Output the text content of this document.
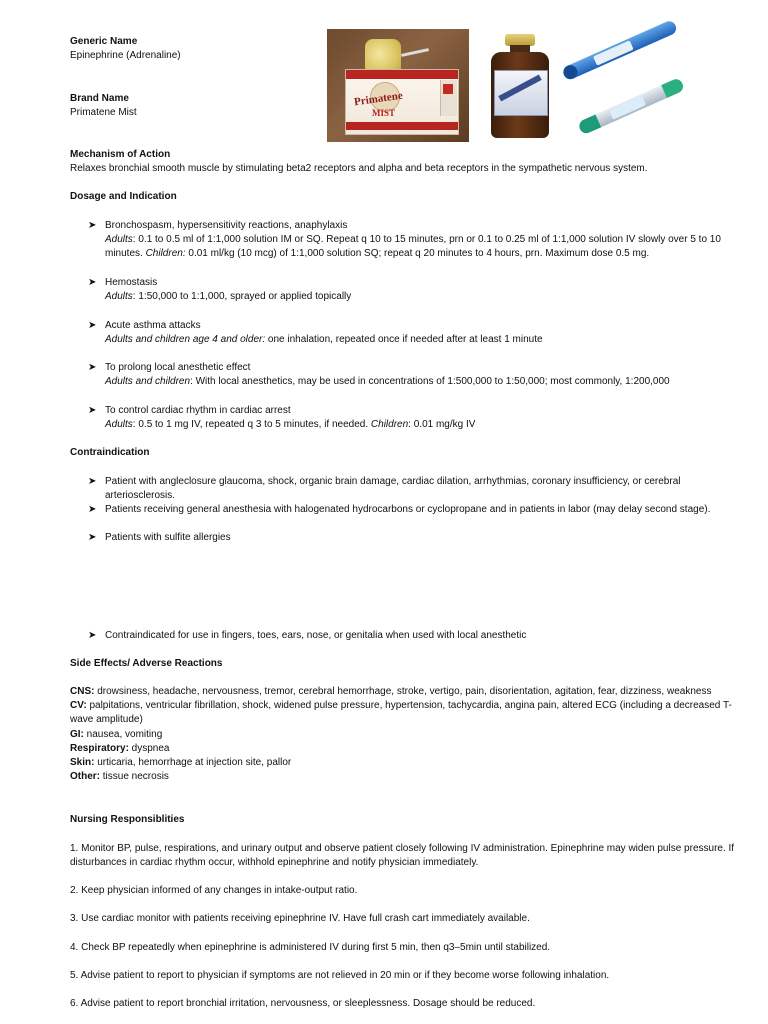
Generic Name
Epinephrine (Adrenaline)
Brand Name
Primatene Mist
Primatene
MIST
Mechanism of Action
Relaxes bronchial smooth muscle by stimulating beta2 receptors and alpha and beta receptors in the sympathetic nervous system.
Dosage and Indication
➤ Bronchospasm, hypersensitivity reactions, anaphylaxis
Adults: 0.1 to 0.5 ml of 1:1,000 solution IM or SQ. Repeat q 10 to 15 minutes, prn or 0.1 to 0.25 ml of 1:1,000 solution IV slowly over 5 to 10 minutes. Children: 0.01 ml/kg (10 mcg) of 1:1,000 solution SQ; repeat q 20 minutes to 4 hours, prn. Maximum dose 0.5 mg.
➤ Hemostasis
Adults: 1:50,000 to 1:1,000, sprayed or applied topically
➤ Acute asthma attacks
Adults and children age 4 and older: one inhalation, repeated once if needed after at least 1 minute
➤ To prolong local anesthetic effect
Adults and children: With local anesthetics, may be used in concentrations of 1:500,000 to 1:50,000; most commonly, 1:200,000
➤ To control cardiac rhythm in cardiac arrest
Adults: 0.5 to 1 mg IV, repeated q 3 to 5 minutes, if needed. Children: 0.01 mg/kg IV
Contraindication
➤ Patient with angleclosure glaucoma, shock, organic brain damage, cardiac dilation, arrhythmias, coronary insufficiency, or cerebral arteriosclerosis.
➤ Patients receiving general anesthesia with halogenated hydrocarbons or cyclopropane and in patients in labor (may delay second stage).
➤ Patients with sulfite allergies
➤ Contraindicated for use in fingers, toes, ears, nose, or genitalia when used with local anesthetic
Side Effects/ Adverse Reactions
CNS: drowsiness, headache, nervousness, tremor, cerebral hemorrhage, stroke, vertigo, pain, disorientation, agitation, fear, dizziness, weakness
CV: palpitations, ventricular fibrillation, shock, widened pulse pressure, hypertension, tachycardia, angina pain, altered ECG (including a decreased T-wave amplitude)
GI: nausea, vomiting
Respiratory: dyspnea
Skin: urticaria, hemorrhage at injection site, pallor
Other: tissue necrosis
Nursing Responsiblities
1. Monitor BP, pulse, respirations, and urinary output and observe patient closely following IV administration. Epinephrine may widen pulse pressure. If disturbances in cardiac rhythm occur, withhold epinephrine and notify physician immediately.
2. Keep physician informed of any changes in intake-output ratio.
3. Use cardiac monitor with patients receiving epinephrine IV. Have full crash cart immediately available.
4. Check BP repeatedly when epinephrine is administered IV during first 5 min, then q3–5min until stabilized.
5. Advise patient to report to physician if symptoms are not relieved in 20 min or if they become worse following inhalation.
6. Advise patient to report bronchial irritation, nervousness, or sleeplessness. Dosage should be reduced.
